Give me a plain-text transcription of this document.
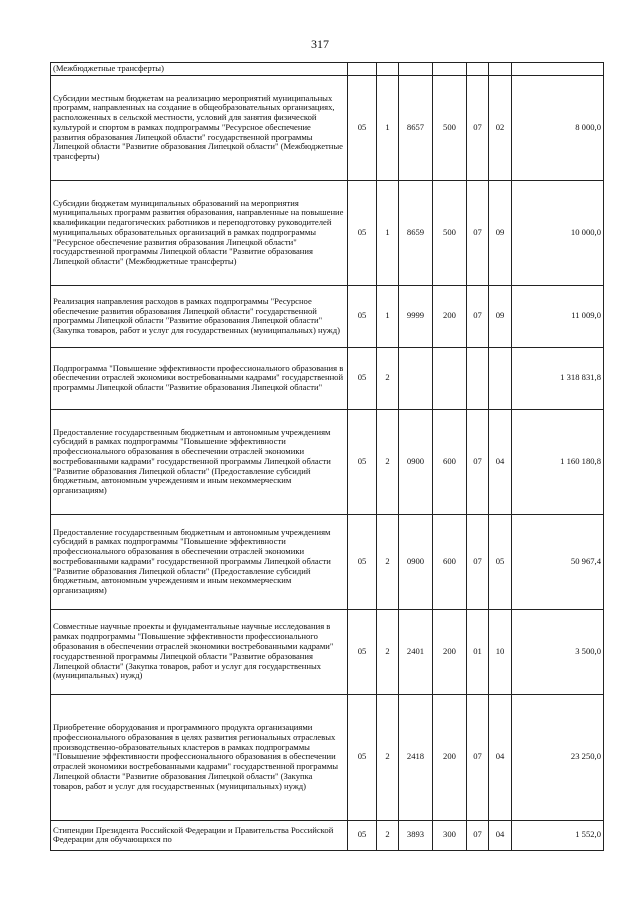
317
(Межбюджетные трансферты)							
Субсидии местным бюджетам на реализацию мероприятий муниципальных программ, направленных на создание в общеобразовательных организациях, расположенных в сельской местности, условий для занятия физической культурой и спортом в рамках подпрограммы "Ресурсное обеспечение развития образования Липецкой области" государственной программы Липецкой области "Развитие образования Липецкой области" (Межбюджетные трансферты)	05	1	8657	500	07	02	8 000,0
Субсидии бюджетам муниципальных образований на мероприятия муниципальных программ развития образования, направленные на повышение квалификации педагогических работников и переподготовку руководителей муниципальных образовательных организаций в рамках подпрограммы "Ресурсное обеспечение развития образования Липецкой области" государственной программы Липецкой области "Развитие образования Липецкой области" (Межбюджетные трансферты)	05	1	8659	500	07	09	10 000,0
Реализация направления расходов в рамках подпрограммы "Ресурсное обеспечение развития образования Липецкой области" государственной программы Липецкой области "Развитие образования Липецкой области" (Закупка товаров, работ и услуг для государственных (муниципальных) нужд)	05	1	9999	200	07	09	11 009,0
Подпрограмма "Повышение эффективности профессионального образования в обеспечении отраслей экономики востребованными кадрами" государственной программы Липецкой области "Развитие образования Липецкой области"	05	2					1 318 831,8
Предоставление государственным бюджетным и автономным учреждениям субсидий в рамках подпрограммы "Повышение эффективности профессионального образования в обеспечении отраслей экономики востребованными кадрами" государственной программы Липецкой области "Развитие образования Липецкой области" (Предоставление субсидий бюджетным, автономным учреждениям и иным некоммерческим организациям)	05	2	0900	600	07	04	1 160 180,8
Предоставление государственным бюджетным и автономным учреждениям субсидий в рамках подпрограммы "Повышение эффективности профессионального образования в обеспечении отраслей экономики востребованными кадрами" государственной программы Липецкой области "Развитие образования Липецкой области" (Предоставление субсидий бюджетным, автономным учреждениям и иным некоммерческим организациям)	05	2	0900	600	07	05	50 967,4
Совместные научные проекты и фундаментальные научные исследования в рамках подпрограммы "Повышение эффективности профессионального образования в обеспечении отраслей экономики востребованными кадрами" государственной программы Липецкой области "Развитие образования Липецкой области" (Закупка товаров, работ и услуг для государственных (муниципальных) нужд)	05	2	2401	200	01	10	3 500,0
Приобретение оборудования и программного продукта организациями профессионального образования в целях развития региональных отраслевых производственно-образовательных кластеров в рамках подпрограммы "Повышение эффективности профессионального образования в обеспечении отраслей экономики востребованными кадрами" государственной программы Липецкой области "Развитие образования Липецкой области" (Закупка товаров, работ и услуг для государственных (муниципальных) нужд)	05	2	2418	200	07	04	23 250,0
Стипендии Президента Российской Федерации и Правительства Российской Федерации для обучающихся по	05	2	3893	300	07	04	1 552,0
